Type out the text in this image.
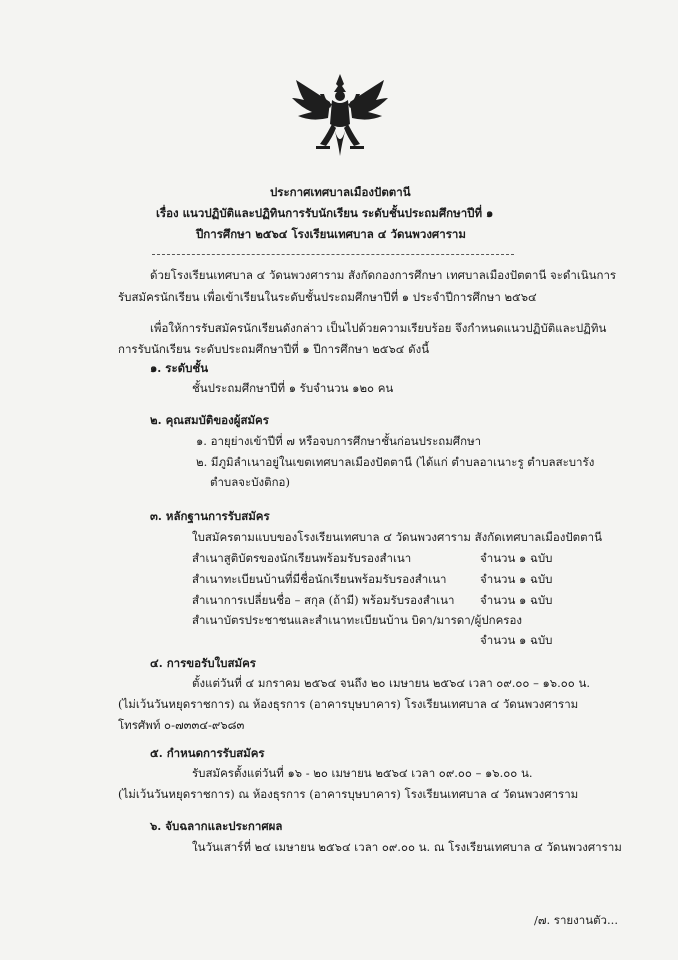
ประกาศเทศบาลเมืองปัตตานี
เรื่อง แนวปฏิบัติและปฏิทินการรับนักเรียน ระดับชั้นประถมศึกษาปีที่ ๑
ปีการศึกษา ๒๕๖๔ โรงเรียนเทศบาล ๔ วัดนพวงศาราม
ด้วยโรงเรียนเทศบาล ๔ วัดนพวงศาราม สังกัดกองการศึกษา เทศบาลเมืองปัตตานี จะดำเนินการ
รับสมัครนักเรียน เพื่อเข้าเรียนในระดับชั้นประถมศึกษาปีที่ ๑ ประจำปีการศึกษา ๒๕๖๔
เพื่อให้การรับสมัครนักเรียนดังกล่าว เป็นไปด้วยความเรียบร้อย จึงกำหนดแนวปฏิบัติและปฏิทิน
การรับนักเรียน ระดับประถมศึกษาปีที่ ๑ ปีการศึกษา ๒๕๖๔ ดังนี้
๑. ระดับชั้น
ชั้นประถมศึกษาปีที่ ๑ รับจำนวน ๑๒๐ คน
๒. คุณสมบัติของผู้สมัคร
๑. อายุย่างเข้าปีที่ ๗ หรือจบการศึกษาชั้นก่อนประถมศึกษา
๒. มีภูมิลำเนาอยู่ในเขตเทศบาลเมืองปัตตานี (ได้แก่ ตำบลอาเนาะรู ตำบลสะบารัง
ตำบลจะบังติกอ)
๓. หลักฐานการรับสมัคร
ใบสมัครตามแบบของโรงเรียนเทศบาล ๔ วัดนพวงศาราม สังกัดเทศบาลเมืองปัตตานี
สำเนาสูติบัตรของนักเรียนพร้อมรับรองสำเนา	จำนวน ๑ ฉบับ
สำเนาทะเบียนบ้านที่มีชื่อนักเรียนพร้อมรับรองสำเนา	จำนวน ๑ ฉบับ
สำเนาการเปลี่ยนชื่อ – สกุล (ถ้ามี) พร้อมรับรองสำเนา จำนวน ๑ ฉบับ
สำเนาบัตรประชาชนและสำเนาทะเบียนบ้าน บิดา/มารดา/ผู้ปกครอง
จำนวน ๑ ฉบับ
๔. การขอรับใบสมัคร
ตั้งแต่วันที่ ๔ มกราคม ๒๕๖๔ จนถึง ๒๐ เมษายน ๒๕๖๔ เวลา ๐๙.๐๐ – ๑๖.๐๐ น.
(ไม่เว้นวันหยุดราชการ) ณ ห้องธุรการ (อาคารบุษบาคาร) โรงเรียนเทศบาล ๔ วัดนพวงศาราม
โทรศัพท์ ๐-๗๓๓๔-๙๖๘๓
๕. กำหนดการรับสมัคร
รับสมัครตั้งแต่วันที่ ๑๖ - ๒๐ เมษายน ๒๕๖๔ เวลา ๐๙.๐๐ – ๑๖.๐๐ น.
(ไม่เว้นวันหยุดราชการ) ณ ห้องธุรการ (อาคารบุษบาคาร) โรงเรียนเทศบาล ๔ วัดนพวงศาราม
๖. จับฉลากและประกาศผล
ในวันเสาร์ที่ ๒๔ เมษายน ๒๕๖๔ เวลา ๐๙.๐๐ น. ณ โรงเรียนเทศบาล ๔ วัดนพวงศาราม
/๗. รายงานตัว...
